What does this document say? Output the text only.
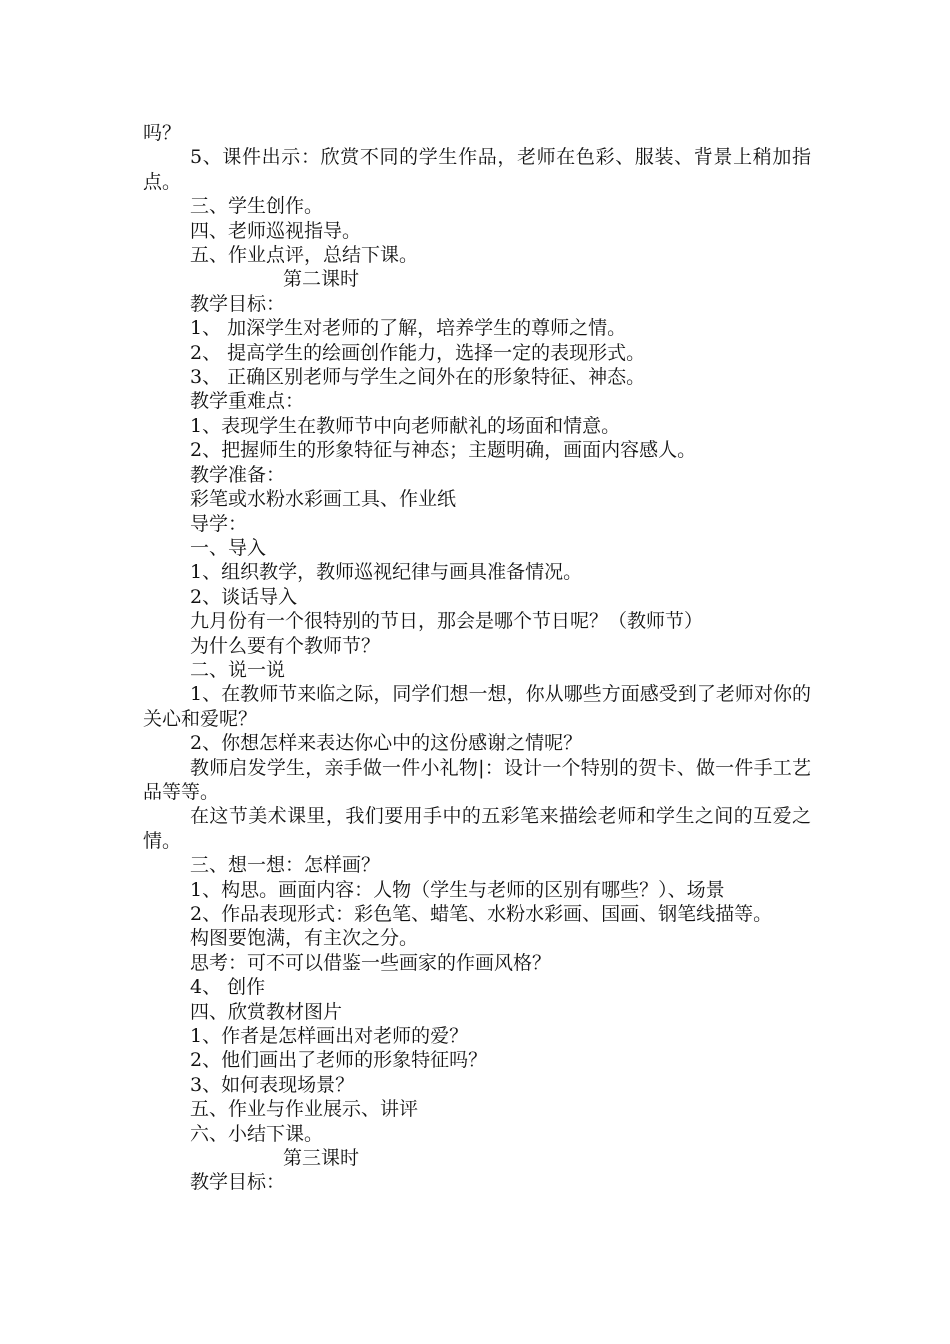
吗？
5、课件出示：欣赏不同的学生作品，老师在色彩、服装、背景上稍加指点。
三、学生创作。
四、老师巡视指导。
五、作业点评，总结下课。
第二课时
教学目标：
1、 加深学生对老师的了解，培养学生的尊师之情。
2、 提高学生的绘画创作能力，选择一定的表现形式。
3、 正确区别老师与学生之间外在的形象特征、神态。
教学重难点：
1、表现学生在教师节中向老师献礼的场面和情意。
2、把握师生的形象特征与神态；主题明确，画面内容感人。
教学准备：
彩笔或水粉水彩画工具、作业纸
导学：
一、导入
1、组织教学，教师巡视纪律与画具准备情况。
2、谈话导入
九月份有一个很特别的节日，那会是哪个节日呢？（教师节）
为什么要有个教师节？
二、说一说
1、在教师节来临之际，同学们想一想，你从哪些方面感受到了老师对你的关心和爱呢？
2、你想怎样来表达你心中的这份感谢之情呢？
教师启发学生，亲手做一件小礼物|：设计一个特别的贺卡、做一件手工艺品等等。
在这节美术课里，我们要用手中的五彩笔来描绘老师和学生之间的互爱之情。
三、想一想：怎样画？
1、构思。画面内容：人物（学生与老师的区别有哪些？）、场景
2、作品表现形式：彩色笔、蜡笔、水粉水彩画、国画、钢笔线描等。
构图要饱满，有主次之分。
思考：可不可以借鉴一些画家的作画风格？
4、 创作
四、欣赏教材图片
1、作者是怎样画出对老师的爱？
2、他们画出了老师的形象特征吗？
3、如何表现场景？
五、作业与作业展示、讲评
六、小结下课。
第三课时
教学目标：
